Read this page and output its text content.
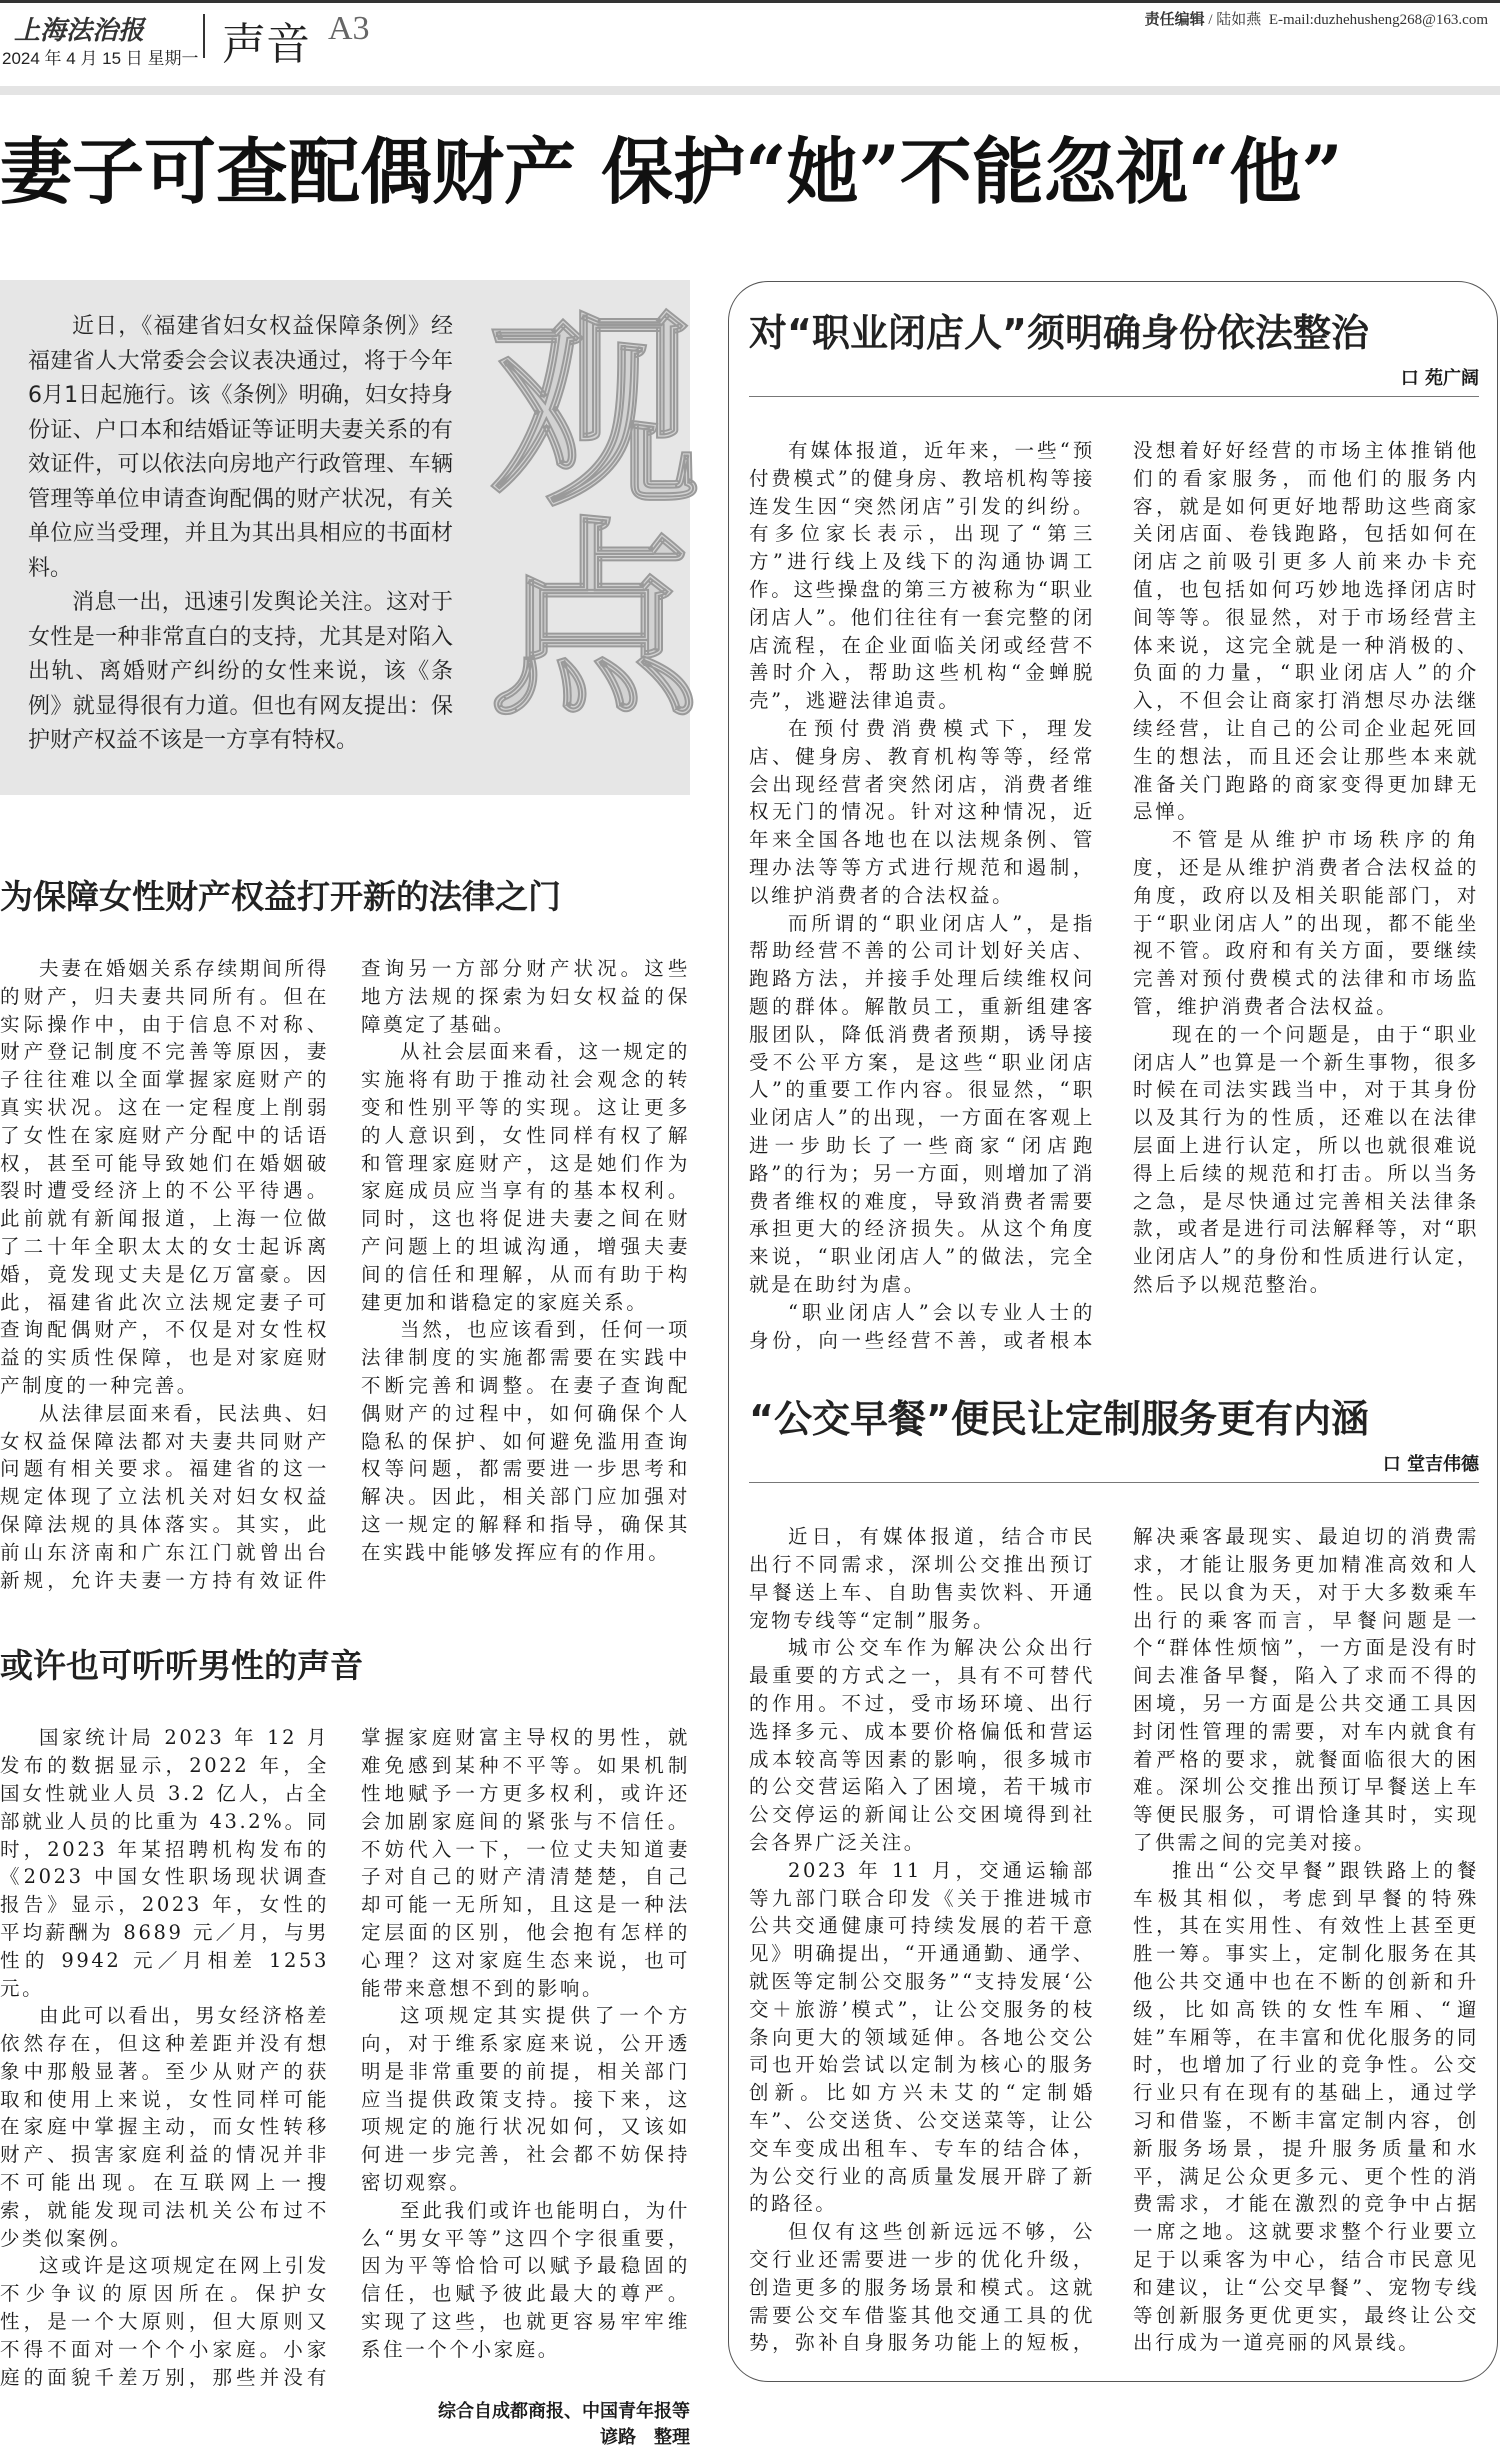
上海法治报
2024 年 4 月 15 日 星期一 声音 A3	责任编辑 / 陆如燕 E-mail:duzhehusheng268@163.com
妻子可查配偶财产 保护“她”不能忽视“他”

近日，《福建省妇女权益保障条例》经福建省人大常委会会议表决通过，将于今年6月1日起施行。该《条例》明确，妇女持身份证、户口本和结婚证等证明夫妻关系的有效证件，可以依法向房地产行政管理、车辆管理等单位申请查询配偶的财产状况，有关单位应当受理，并且为其出具相应的书面材料。

消息一出，迅速引发舆论关注。这对于女性是一种非常直白的支持，尤其是对陷入出轨、离婚财产纠纷的女性来说，该《条例》就显得很有力道。但也有网友提出：保护财产权益不该是一方享有特权。

观点
为保障女性财产权益打开新的法律之门

夫妻在婚姻关系存续期间所得的财产，归夫妻共同所有。但在实际操作中，由于信息不对称、财产登记制度不完善等原因，妻子往往难以全面掌握家庭财产的真实状况。这在一定程度上削弱了女性在家庭财产分配中的话语权，甚至可能导致她们在婚姻破裂时遭受经济上的不公平待遇。此前就有新闻报道，上海一位做了二十年全职太太的女士起诉离婚，竟发现丈夫是亿万富豪。因此，福建省此次立法规定妻子可查询配偶财产，不仅是对女性权益的实质性保障，也是对家庭财产制度的一种完善。

从法律层面来看，民法典、妇女权益保障法都对夫妻共同财产问题有相关要求。福建省的这一规定体现了立法机关对妇女权益保障法规的具体落实。其实，此前山东济南和广东江门就曾出台新规，允许夫妻一方持有效证件查询另一方部分财产状况。这些地方法规的探索为妇女权益的保障奠定了基础。

从社会层面来看，这一规定的实施将有助于推动社会观念的转变和性别平等的实现。这让更多的人意识到，女性同样有权了解和管理家庭财产，这是她们作为家庭成员应当享有的基本权利。同时，这也将促进夫妻之间在财产问题上的坦诚沟通，增强夫妻间的信任和理解，从而有助于构建更加和谐稳定的家庭关系。

当然，也应该看到，任何一项法律制度的实施都需要在实践中不断完善和调整。在妻子查询配偶财产的过程中，如何确保个人隐私的保护、如何避免滥用查询权等问题，都需要进一步思考和解决。因此，相关部门应加强对这一规定的解释和指导，确保其在实践中能够发挥应有的作用。

或许也可听听男性的声音

国家统计局 2023 年 12 月发布的数据显示，2022 年，全国女性就业人员 3.2 亿人，占全部就业人员的比重为 43.2%。同时，2023 年某招聘机构发布的《2023 中国女性职场现状调查报告》显示，2023 年，女性的平均薪酬为 8689 元／月，与男性的 9942 元／月相差 1253 元。

由此可以看出，男女经济格差依然存在，但这种差距并没有想象中那般显著。至少从财产的获取和使用上来说，女性同样可能在家庭中掌握主动，而女性转移财产、损害家庭利益的情况并非不可能出现。在互联网上一搜索，就能发现司法机关公布过不少类似案例。

这或许是这项规定在网上引发不少争议的原因所在。保护女性，是一个大原则，但大原则又不得不面对一个个小家庭。小家庭的面貌千差万别，那些并没有掌握家庭财富主导权的男性，就难免感到某种不平等。如果机制性地赋予一方更多权利，或许还会加剧家庭间的紧张与不信任。不妨代入一下，一位丈夫知道妻子对自己的财产清清楚楚，自己却可能一无所知，且这是一种法定层面的区别，他会抱有怎样的心理？这对家庭生态来说，也可能带来意想不到的影响。

这项规定其实提供了一个方向，对于维系家庭来说，公开透明是非常重要的前提，相关部门应当提供政策支持。接下来，这项规定的施行状况如何，又该如何进一步完善，社会都不妨保持密切观察。

至此我们或许也能明白，为什么“男女平等”这四个字很重要，因为平等恰恰可以赋予最稳固的信任，也赋予彼此最大的尊严。实现了这些，也就更容易牢牢维系住一个个小家庭。

综合自成都商报、中国青年报等
谚路　整理
对“职业闭店人”须明确身份依法整治
口 苑广阔

有媒体报道，近年来，一些“预付费模式”的健身房、教培机构等接连发生因“突然闭店”引发的纠纷。有多位家长表示，出现了“第三方”进行线上及线下的沟通协调工作。这些操盘的第三方被称为“职业闭店人”。他们往往有一套完整的闭店流程，在企业面临关闭或经营不善时介入，帮助这些机构“金蝉脱壳”，逃避法律追责。

在预付费消费模式下，理发店、健身房、教育机构等等，经常会出现经营者突然闭店，消费者维权无门的情况。针对这种情况，近年来全国各地也在以法规条例、管理办法等等方式进行规范和遏制，以维护消费者的合法权益。

而所谓的“职业闭店人”，是指帮助经营不善的公司计划好关店、跑路方法，并接手处理后续维权问题的群体。解散员工，重新组建客服团队，降低消费者预期，诱导接受不公平方案，是这些“职业闭店人”的重要工作内容。很显然，“职业闭店人”的出现，一方面在客观上进一步助长了一些商家“闭店跑路”的行为；另一方面，则增加了消费者维权的难度，导致消费者需要承担更大的经济损失。从这个角度来说，“职业闭店人”的做法，完全就是在助纣为虐。

“职业闭店人”会以专业人士的身份，向一些经营不善，或者根本没想着好好经营的市场主体推销他们的看家服务，而他们的服务内容，就是如何更好地帮助这些商家关闭店面、卷钱跑路，包括如何在闭店之前吸引更多人前来办卡充值，也包括如何巧妙地选择闭店时间等等。很显然，对于市场经营主体来说，这完全就是一种消极的、负面的力量，“职业闭店人”的介入，不但会让商家打消想尽办法继续经营，让自己的公司企业起死回生的想法，而且还会让那些本来就准备关门跑路的商家变得更加肆无忌惮。

不管是从维护市场秩序的角度，还是从维护消费者合法权益的角度，政府以及相关职能部门，对于“职业闭店人”的出现，都不能坐视不管。政府和有关方面，要继续完善对预付费模式的法律和市场监管，维护消费者合法权益。

现在的一个问题是，由于“职业闭店人”也算是一个新生事物，很多时候在司法实践当中，对于其身份以及其行为的性质，还难以在法律层面上进行认定，所以也就很难说得上后续的规范和打击。所以当务之急，是尽快通过完善相关法律条款，或者是进行司法解释等，对“职业闭店人”的身份和性质进行认定，然后予以规范整治。

“公交早餐”便民让定制服务更有内涵
口 堂吉伟德

近日，有媒体报道，结合市民出行不同需求，深圳公交推出预订早餐送上车、自助售卖饮料、开通宠物专线等“定制”服务。

城市公交车作为解决公众出行最重要的方式之一，具有不可替代的作用。不过，受市场环境、出行选择多元、成本要价格偏低和营运成本较高等因素的影响，很多城市的公交营运陷入了困境，若干城市公交停运的新闻让公交困境得到社会各界广泛关注。

2023 年 11 月，交通运输部等九部门联合印发《关于推进城市公共交通健康可持续发展的若干意见》明确提出，“开通通勤、通学、就医等定制公交服务”“支持发展‘公交＋旅游’模式”，让公交服务的枝条向更大的领域延伸。各地公交公司也开始尝试以定制为核心的服务创新。比如方兴未艾的“定制婚车”、公交送货、公交送菜等，让公交车变成出租车、专车的结合体，为公交行业的高质量发展开辟了新的路径。

但仅有这些创新远远不够，公交行业还需要进一步的优化升级，创造更多的服务场景和模式。这就需要公交车借鉴其他交通工具的优势，弥补自身服务功能上的短板，解决乘客最现实、最迫切的消费需求，才能让服务更加精准高效和人性。民以食为天，对于大多数乘车出行的乘客而言，早餐问题是一个“群体性烦恼”，一方面是没有时间去准备早餐，陷入了求而不得的困境，另一方面是公共交通工具因封闭性管理的需要，对车内就食有着严格的要求，就餐面临很大的困难。深圳公交推出预订早餐送上车等便民服务，可谓恰逢其时，实现了供需之间的完美对接。

推出“公交早餐”跟铁路上的餐车极其相似，考虑到早餐的特殊性，其在实用性、有效性上甚至更胜一筹。事实上，定制化服务在其他公共交通中也在不断的创新和升级，比如高铁的女性车厢、“遛娃”车厢等，在丰富和优化服务的同时，也增加了行业的竞争性。公交行业只有在现有的基础上，通过学习和借鉴，不断丰富定制内容，创新服务场景，提升服务质量和水平，满足公众更多元、更个性的消费需求，才能在激烈的竞争中占据一席之地。这就要求整个行业要立足于以乘客为中心，结合市民意见和建议，让“公交早餐”、宠物专线等创新服务更优更实，最终让公交出行成为一道亮丽的风景线。
